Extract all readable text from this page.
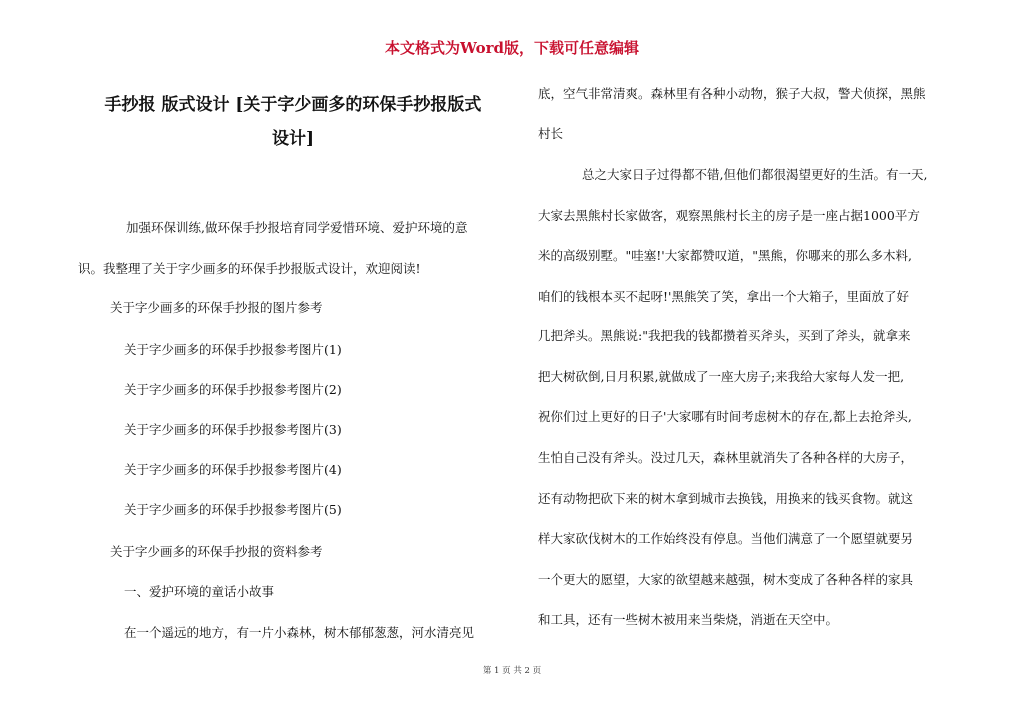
本文格式为Word版，下载可任意编辑
手抄报 版式设计 [关于字少画多的环保手抄报版式
设计]
加强环保训练,做环保手抄报培育同学爱惜环境、爱护环境的意
识。我整理了关于字少画多的环保手抄报版式设计，欢迎阅读!
关于字少画多的环保手抄报的图片参考
关于字少画多的环保手抄报参考图片(1)
关于字少画多的环保手抄报参考图片(2)
关于字少画多的环保手抄报参考图片(3)
关于字少画多的环保手抄报参考图片(4)
关于字少画多的环保手抄报参考图片(5)
关于字少画多的环保手抄报的资料参考
一、爱护环境的童话小故事
在一个遥远的地方，有一片小森林，树木郁郁葱葱，河水清亮见
底，空气非常清爽。森林里有各种小动物，猴子大叔，警犬侦探，黑熊
村长
总之大家日子过得都不错,但他们都很渴望更好的生活。有一天,
大家去黑熊村长家做客，观察黑熊村长主的房子是一座占据1000平方
米的高级别墅。"哇塞!'大家都赞叹道，"黑熊，你哪来的那么多木料,
咱们的钱根本买不起呀!'黑熊笑了笑，拿出一个大箱子，里面放了好
几把斧头。黑熊说:"我把我的钱都攒着买斧头，买到了斧头，就拿来
把大树砍倒,日月积累,就做成了一座大房子;来我给大家每人发一把,
祝你们过上更好的日子'大家哪有时间考虑树木的存在,都上去抢斧头,
生怕自己没有斧头。没过几天，森林里就消失了各种各样的大房子，
还有动物把砍下来的树木拿到城市去换钱，用换来的钱买食物。就这
样大家砍伐树木的工作始终没有停息。当他们满意了一个愿望就要另
一个更大的愿望，大家的欲望越来越强，树木变成了各种各样的家具
和工具，还有一些树木被用来当柴烧，消逝在天空中。
第 1 页 共 2 页
